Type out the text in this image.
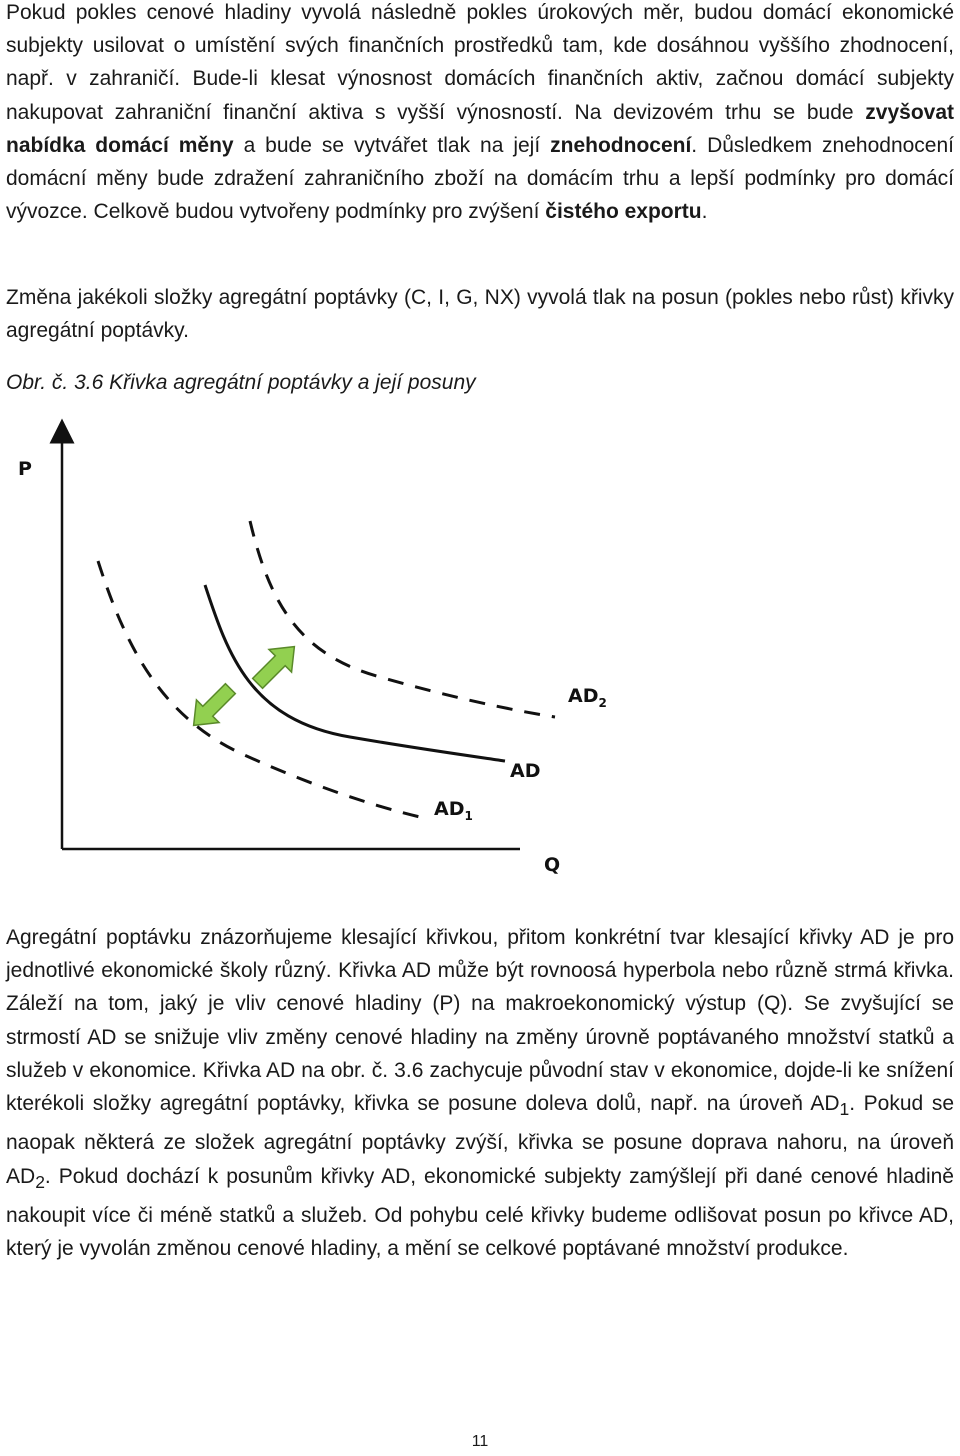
Pokud pokles cenové hladiny vyvolá následně pokles úrokových měr, budou domácí ekonomické subjekty usilovat o umístění svých finančních prostředků tam, kde dosáhnou vyššího zhodnocení, např. v zahraničí. Bude-li klesat výnosnost domácích finančních aktiv, začnou domácí subjekty nakupovat zahraniční finanční aktiva s vyšší výnosností. Na devizovém trhu se bude zvyšovat nabídka domácí měny a bude se vytvářet tlak na její znehodnocení. Důsledkem znehodnocení domácní měny bude zdražení zahraničního zboží na domácím trhu a lepší podmínky pro domácí vývozce. Celkově budou vytvořeny podmínky pro zvýšení čistého exportu.

Změna jakékoli složky agregátní poptávky (C, I, G, NX) vyvolá tlak na posun (pokles nebo růst) křivky agregátní poptávky.

Obr. č. 3.6 Křivka agregátní poptávky a její posuny

P
Q
$AD_2$
AD
$AD_1$

Agregátní poptávku znázorňujeme klesající křivkou, přitom konkrétní tvar klesající křivky AD je pro jednotlivé ekonomické školy různý. Křivka AD může být rovnoosá hyperbola nebo různě strmá křivka. Záleží na tom, jaký je vliv cenové hladiny (P) na makroekonomický výstup (Q). Se zvyšující se strmostí AD se snižuje vliv změny cenové hladiny na změny úrovně poptávaného množství statků a služeb v ekonomice. Křivka AD na obr. č. 3.6 zachycuje původní stav v ekonomice, dojde-li ke snížení kterékoli složky agregátní poptávky, křivka se posune doleva dolů, např. na úroveň $AD_1$. Pokud se naopak některá ze složek agregátní poptávky zvýší, křivka se posune doprava nahoru, na úroveň $AD_2$. Pokud dochází k posunům křivky AD, ekonomické subjekty zamýšlejí při dané cenové hladině nakoupit více či méně statků a služeb. Od pohybu celé křivky budeme odlišovat posun po křivce AD, který je vyvolán změnou cenové hladiny, a mění se celkové poptávané množství produkce.

11
